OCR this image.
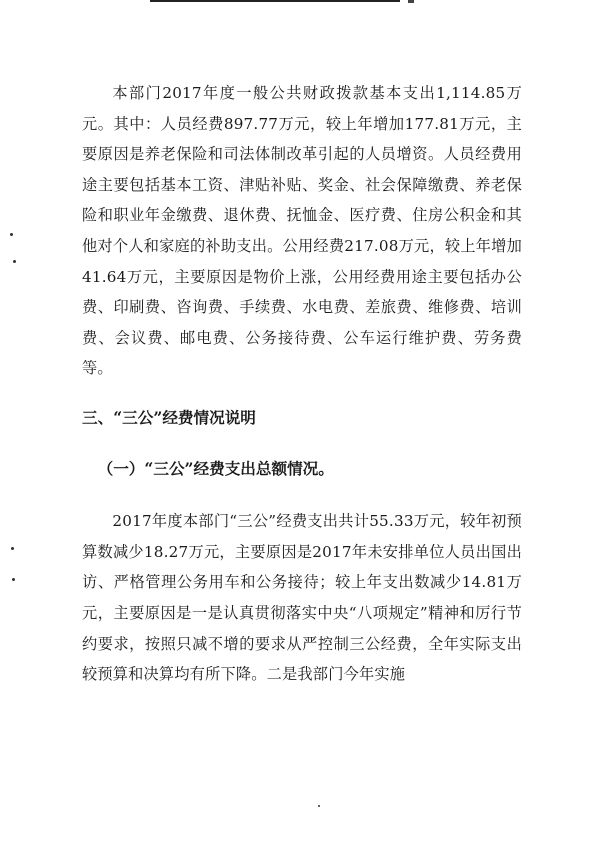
本部门2017年度一般公共财政拨款基本支出1,114.85万元。其中：人员经费897.77万元，较上年增加177.81万元，主要原因是养老保险和司法体制改革引起的人员增资。人员经费用途主要包括基本工资、津贴补贴、奖金、社会保障缴费、养老保险和职业年金缴费、退休费、抚恤金、医疗费、住房公积金和其他对个人和家庭的补助支出。公用经费217.08万元，较上年增加41.64万元，主要原因是物价上涨，公用经费用途主要包括办公费、印刷费、咨询费、手续费、水电费、差旅费、维修费、培训费、会议费、邮电费、公务接待费、公车运行维护费、劳务费等。

三、“三公”经费情况说明

（一）“三公”经费支出总额情况。

2017年度本部门“三公”经费支出共计55.33万元，较年初预算数减少18.27万元，主要原因是2017年未安排单位人员出国出访、严格管理公务用车和公务接待；较上年支出数减少14.81万元，主要原因是一是认真贯彻落实中央“八项规定”精神和厉行节约要求，按照只减不增的要求从严控制三公经费，全年实际支出较预算和决算均有所下降。二是我部门今年实施
